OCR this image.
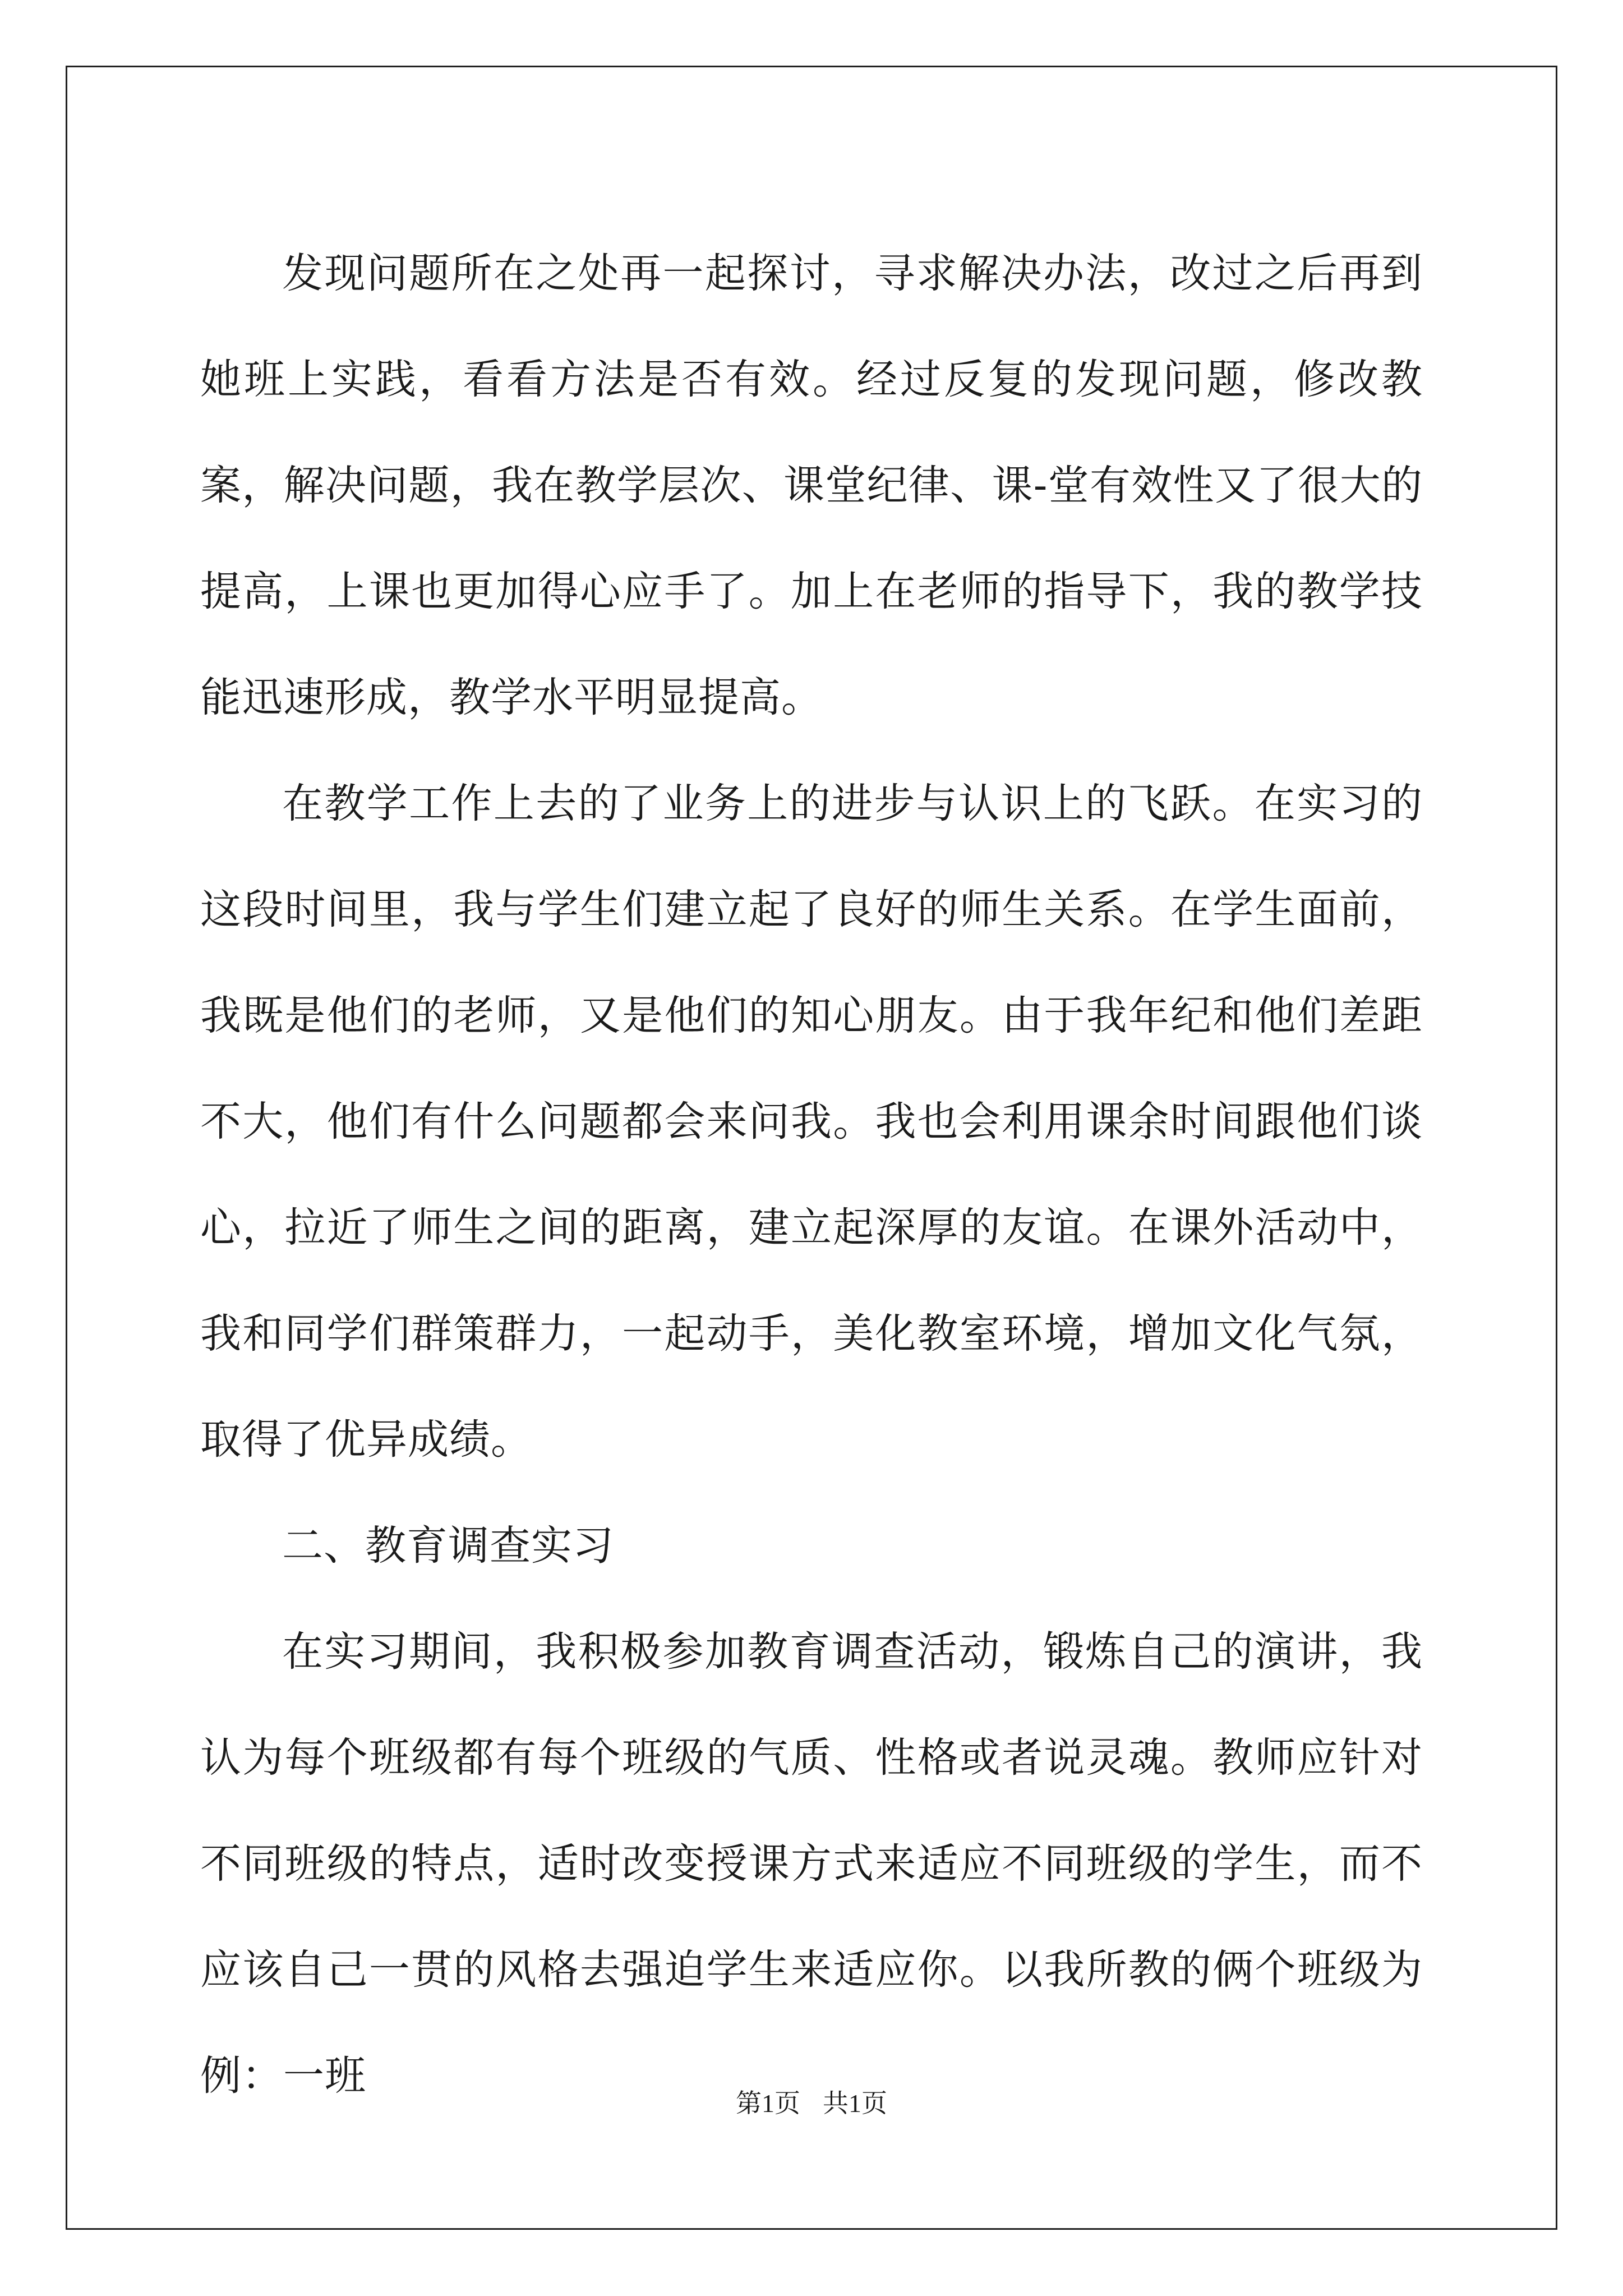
发现问题所在之处再一起探讨，寻求解决办法，改过之后再到她班上实践，看看方法是否有效。经过反复的发现问题，修改教案，解决问题，我在教学层次、课堂纪律、课-堂有效性又了很大的提高，上课也更加得心应手了。加上在老师的指导下，我的教学技能迅速形成，教学水平明显提高。

在教学工作上去的了业务上的进步与认识上的飞跃。在实习的这段时间里，我与学生们建立起了良好的师生关系。在学生面前，我既是他们的老师，又是他们的知心朋友。由于我年纪和他们差距不大，他们有什么问题都会来问我。我也会利用课余时间跟他们谈心，拉近了师生之间的距离，建立起深厚的友谊。在课外活动中，我和同学们群策群力，一起动手，美化教室环境，增加文化气氛，取得了优异成绩。

二、教育调查实习

在实习期间，我积极参加教育调查活动，锻炼自己的演讲，我认为每个班级都有每个班级的气质、性格或者说灵魂。教师应针对不同班级的特点，适时改变授课方式来适应不同班级的学生，而不应该自己一贯的风格去强迫学生来适应你。以我所教的俩个班级为例：一班

第1页 共1页
